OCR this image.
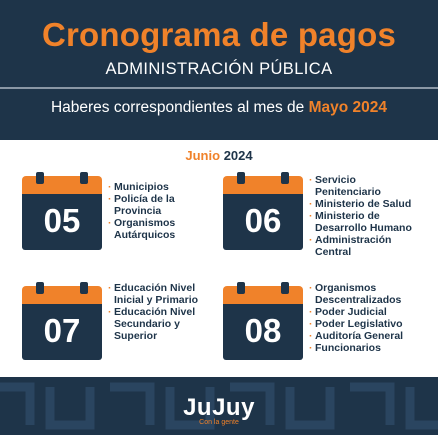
Cronograma de pagos
ADMINISTRACIÓN PÚBLICA
Haberes correspondientes al mes de Mayo 2024
Junio 2024
05
· Municipios
· Policía de la Provincia
· Organismos Autárquicos	06
· Servicio Penitenciario
· Ministerio de Salud
· Ministerio de Desarrollo Humano
· Administración Central
07
· Educación Nivel Inicial y Primario
· Educación Nivel Secundario y Superior	08
· Organismos Descentralizados
· Poder Judicial
· Poder Legislativo
· Auditoría General
· Funcionarios
JuJuy
Con la gente
